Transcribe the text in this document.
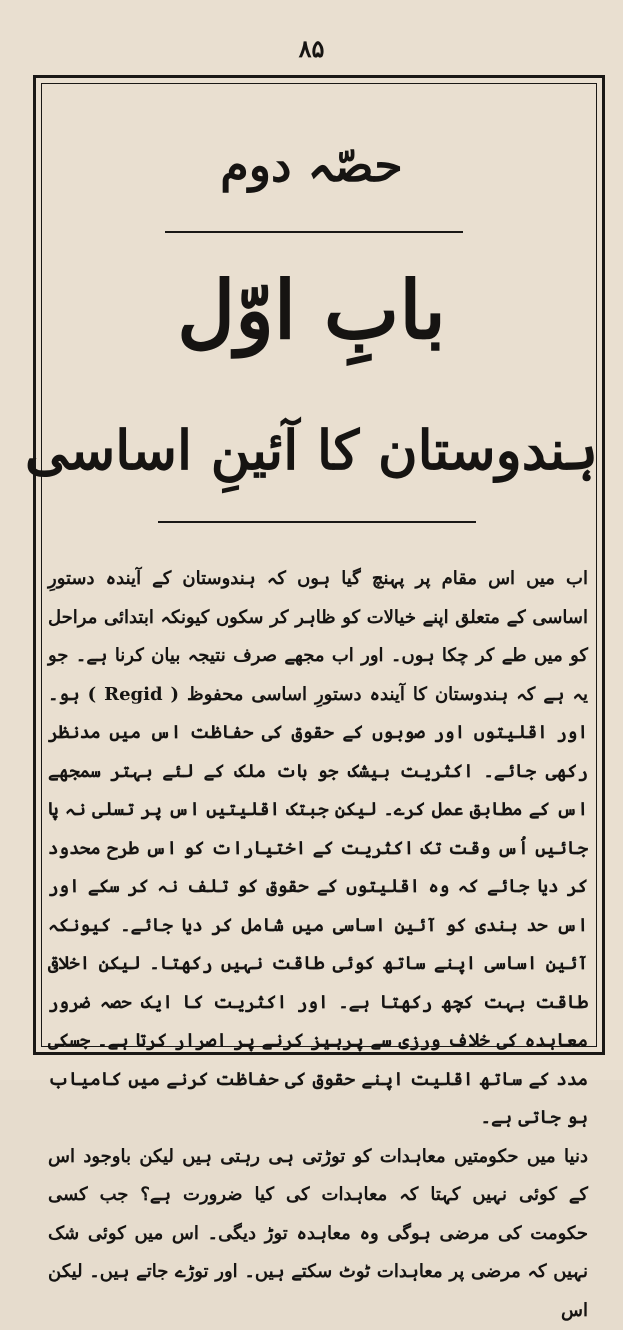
۸۵
حصّہ دوم
بابِ اوّل
ہندوستان کا آئینِ اساسی

اب میں اس مقام پر پہنچ گیا ہوں کہ ہندوستان کے آیندہ دستورِ اساسی کے متعلق اپنے خیالات کو ظاہر کر سکوں کیونکہ ابتدائی مراحل کو میں طے کر چکا ہوں۔ اور اب مجھے صرف نتیجہ بیان کرنا ہے۔ جو یہ ہے کہ ہندوستان کا آیندہ دستورِ اساسی محفوظ ( Regid ) ہو۔ اور اقلیتوں اور صوبوں کے حقوق کی حفاظت اس میں مدنظر رکھی جائے۔ اکثریت بیشک جو بات ملک کے لئے بہتر سمجھے اس کے مطابق عمل کرے۔ لیکن جبتک اقلیتیں اس پر تسلی نہ پا جائیں اُس وقت تک اکثریت کے اختیارات کو اس طرح محدود کر دیا جائے کہ وہ اقلیتوں کے حقوق کو تلف نہ کر سکے اور اس حد بندی کو آئینِ اساسی میں شامل کر دیا جائے۔ کیونکہ آئینِ اساسی اپنے ساتھ کوئی طاقت نہیں رکھتا۔ لیکن اخلاقی طاقت بہت کچھ رکھتا ہے۔ اور اکثریت کا ایک حصہ ضرور معاہدہ کی خلاف ورزی سے پرہیز کرنے پر اصرار کرتا ہے۔ جسکی مدد کے ساتھ اقلیت اپنے حقوق کی حفاظت کرنے میں کامیاب ہو جاتی ہے۔

دنیا میں حکومتیں معاہدات کو توڑتی ہی رہتی ہیں لیکن باوجود اس کے کوئی نہیں کہتا کہ معاہدات کی کیا ضرورت ہے؟ جب کسی حکومت کی مرضی ہوگی وہ معاہدہ توڑ دیگی۔ اس میں کوئی شک نہیں کہ مرضی پر معاہدات ٹوٹ سکتے ہیں۔ اور توڑے جاتے ہیں۔ لیکن اس
